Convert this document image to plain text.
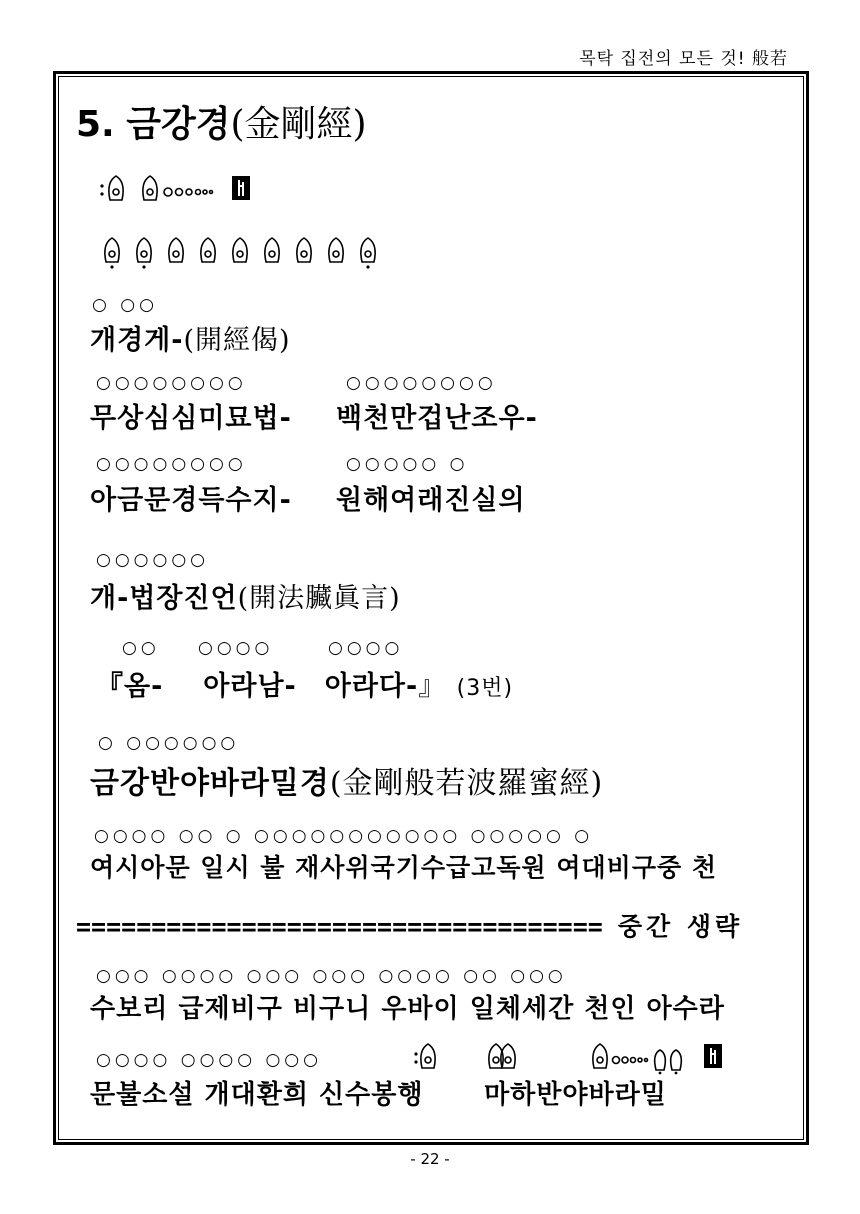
목탁 집전의 모든 것! 般若
5. 금강경(金剛經)
○ ○○
개경게-(開經偈)
○○○○○○○○	○○○○○○○○
무상심심미묘법- 백천만겁난조우-
○○○○○○○○	○○○○○ ○
아금문경득수지- 원해여래진실의
○○○○○○
개-법장진언(開法臟眞言)
○○ ○○○○	○○○○
『옴- 아라남- 아라다-』 (3번)
○ ○○○○○○
금강반야바라밀경(金剛般若波羅蜜經)
○○○○ ○○ ○ ○○○○○○○○○○○ ○○○○○ ○
여시아문 일시 불 재사위국기수급고독원 여대비구중 천
=================================== 중간 생략
○○○ ○○○○ ○○○ ○○○ ○○○○ ○○ ○○○
수보리 급제비구 비구니 우바이 일체세간 천인 아수라
○○○○ ○○○○ ○○○
문불소설 개대환희 신수봉행 마하반야바라밀
- 22 -
